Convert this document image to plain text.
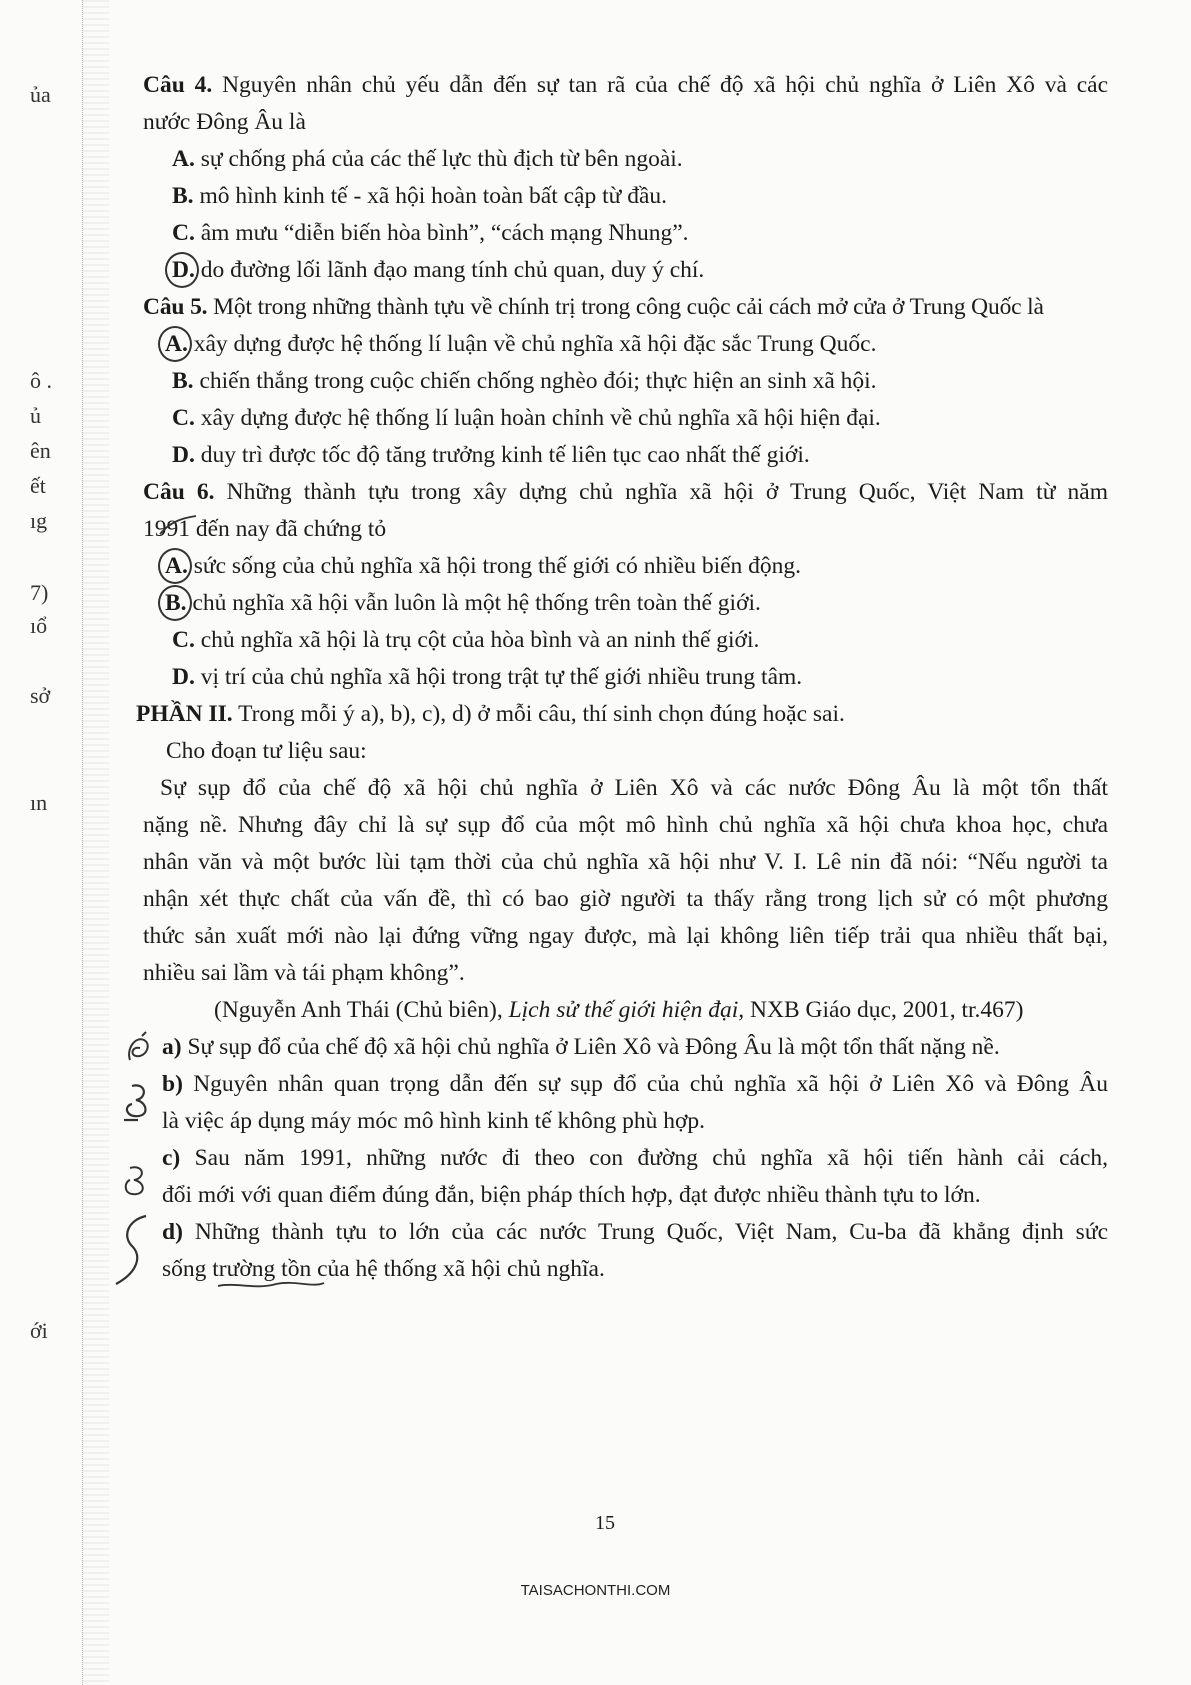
ủa
ô .
ủ
ên
ết
ıg
7)
ıổ
sở
ın
ới
Câu 4. Nguyên nhân chủ yếu dẫn đến sự tan rã của chế độ xã hội chủ nghĩa ở Liên Xô và các
nước Đông Âu là
A. sự chống phá của các thế lực thù địch từ bên ngoài.
B. mô hình kinh tế - xã hội hoàn toàn bất cập từ đầu.
C. âm mưu “diễn biến hòa bình”, “cách mạng Nhung”.
D. do đường lối lãnh đạo mang tính chủ quan, duy ý chí.
Câu 5. Một trong những thành tựu về chính trị trong công cuộc cải cách mở cửa ở Trung Quốc là
A. xây dựng được hệ thống lí luận về chủ nghĩa xã hội đặc sắc Trung Quốc.
B. chiến thắng trong cuộc chiến chống nghèo đói; thực hiện an sinh xã hội.
C. xây dựng được hệ thống lí luận hoàn chỉnh về chủ nghĩa xã hội hiện đại.
D. duy trì được tốc độ tăng trưởng kinh tế liên tục cao nhất thế giới.
Câu 6. Những thành tựu trong xây dựng chủ nghĩa xã hội ở Trung Quốc, Việt Nam từ năm
1991 đến nay đã chứng tỏ
A. sức sống của chủ nghĩa xã hội trong thế giới có nhiều biến động.
B. chủ nghĩa xã hội vẫn luôn là một hệ thống trên toàn thế giới.
C. chủ nghĩa xã hội là trụ cột của hòa bình và an ninh thế giới.
D. vị trí của chủ nghĩa xã hội trong trật tự thế giới nhiều trung tâm.
PHẦN II. Trong mỗi ý a), b), c), d) ở mỗi câu, thí sinh chọn đúng hoặc sai.
Cho đoạn tư liệu sau:
Sự sụp đổ của chế độ xã hội chủ nghĩa ở Liên Xô và các nước Đông Âu là một tổn thất
nặng nề. Nhưng đây chỉ là sự sụp đổ của một mô hình chủ nghĩa xã hội chưa khoa học, chưa
nhân văn và một bước lùi tạm thời của chủ nghĩa xã hội như V. I. Lê nin đã nói: “Nếu người ta
nhận xét thực chất của vấn đề, thì có bao giờ người ta thấy rằng trong lịch sử có một phương
thức sản xuất mới nào lại đứng vững ngay được, mà lại không liên tiếp trải qua nhiều thất bại,
nhiều sai lầm và tái phạm không”.
(Nguyễn Anh Thái (Chủ biên), Lịch sử thế giới hiện đại, NXB Giáo dục, 2001, tr.467)
a) Sự sụp đổ của chế độ xã hội chủ nghĩa ở Liên Xô và Đông Âu là một tổn thất nặng nề.
b) Nguyên nhân quan trọng dẫn đến sự sụp đổ của chủ nghĩa xã hội ở Liên Xô và Đông Âu
là việc áp dụng máy móc mô hình kinh tế không phù hợp.
c) Sau năm 1991, những nước đi theo con đường chủ nghĩa xã hội tiến hành cải cách,
đổi mới với quan điểm đúng đắn, biện pháp thích hợp, đạt được nhiều thành tựu to lớn.
d) Những thành tựu to lớn của các nước Trung Quốc, Việt Nam, Cu-ba đã khẳng định sức
sống trường tồn của hệ thống xã hội chủ nghĩa.
15
TAISACHONTHI.COM
